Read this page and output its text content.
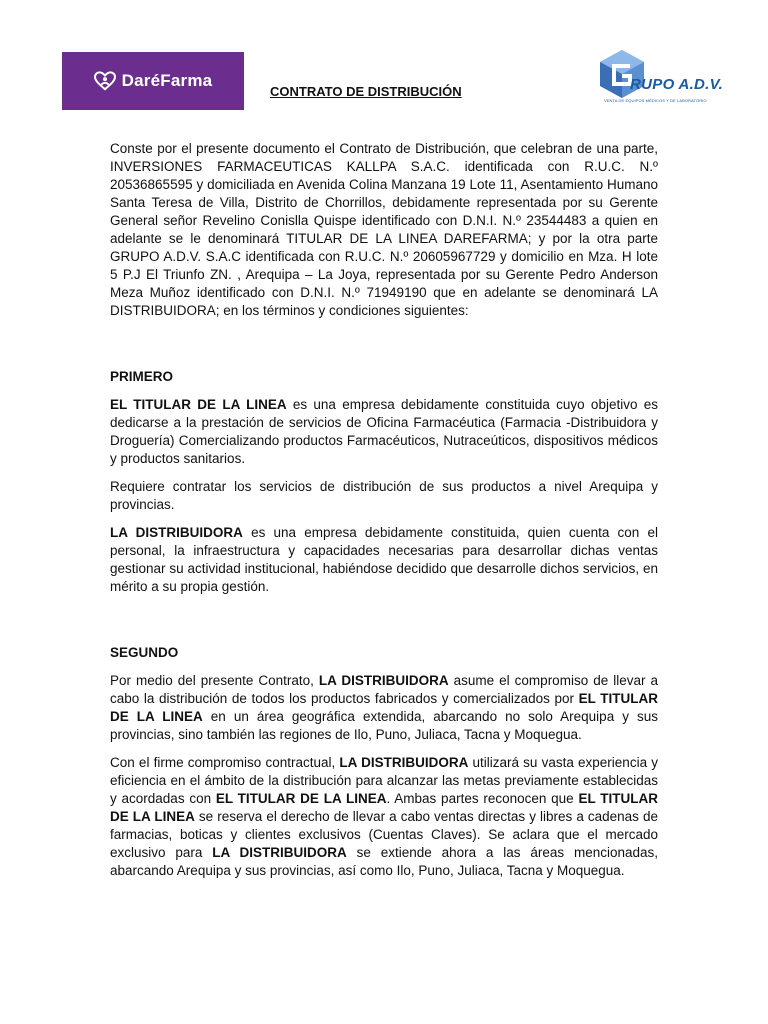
DaréFarma
CONTRATO DE DISTRIBUCIÓN	RUPO A.D.V.
VENTA DE EQUIPOS MÉDICOS Y DE LABORATORIO

Conste por el presente documento el Contrato de Distribución, que celebran de una parte, INVERSIONES FARMACEUTICAS KALLPA S.A.C. identificada con R.U.C. N.º 20536865595 y domiciliada en Avenida Colina Manzana 19 Lote 11, Asentamiento Humano Santa Teresa de Villa, Distrito de Chorrillos, debidamente representada por su Gerente General señor Revelino Conislla Quispe identificado con D.N.I. N.º 23544483 a quien en adelante se le denominará TITULAR DE LA LINEA DAREFARMA; y por la otra parte GRUPO A.D.V. S.A.C identificada con R.U.C. N.º 20605967729 y domicilio en Mza. H lote 5 P.J El Triunfo ZN. , Arequipa – La Joya, representada por su Gerente Pedro Anderson Meza Muñoz identificado con D.N.I. N.º 71949190 que en adelante se denominará LA DISTRIBUIDORA; en los términos y condiciones siguientes:

PRIMERO

EL TITULAR DE LA LINEA es una empresa debidamente constituida cuyo objetivo es dedicarse a la prestación de servicios de Oficina Farmacéutica (Farmacia -Distribuidora y Droguería) Comercializando productos Farmacéuticos, Nutraceúticos, dispositivos médicos y productos sanitarios.

Requiere contratar los servicios de distribución de sus productos a nivel Arequipa y provincias.

LA DISTRIBUIDORA es una empresa debidamente constituida, quien cuenta con el personal, la infraestructura y capacidades necesarias para desarrollar dichas ventas gestionar su actividad institucional, habiéndose decidido que desarrolle dichos servicios, en mérito a su propia gestión.

SEGUNDO

Por medio del presente Contrato, LA DISTRIBUIDORA asume el compromiso de llevar a cabo la distribución de todos los productos fabricados y comercializados por EL TITULAR DE LA LINEA en un área geográfica extendida, abarcando no solo Arequipa y sus provincias, sino también las regiones de Ilo, Puno, Juliaca, Tacna y Moquegua.

Con el firme compromiso contractual, LA DISTRIBUIDORA utilizará su vasta experiencia y eficiencia en el ámbito de la distribución para alcanzar las metas previamente establecidas y acordadas con EL TITULAR DE LA LINEA. Ambas partes reconocen que EL TITULAR DE LA LINEA se reserva el derecho de llevar a cabo ventas directas y libres a cadenas de farmacias, boticas y clientes exclusivos (Cuentas Claves). Se aclara que el mercado exclusivo para LA DISTRIBUIDORA se extiende ahora a las áreas mencionadas, abarcando Arequipa y sus provincias, así como Ilo, Puno, Juliaca, Tacna y Moquegua.
